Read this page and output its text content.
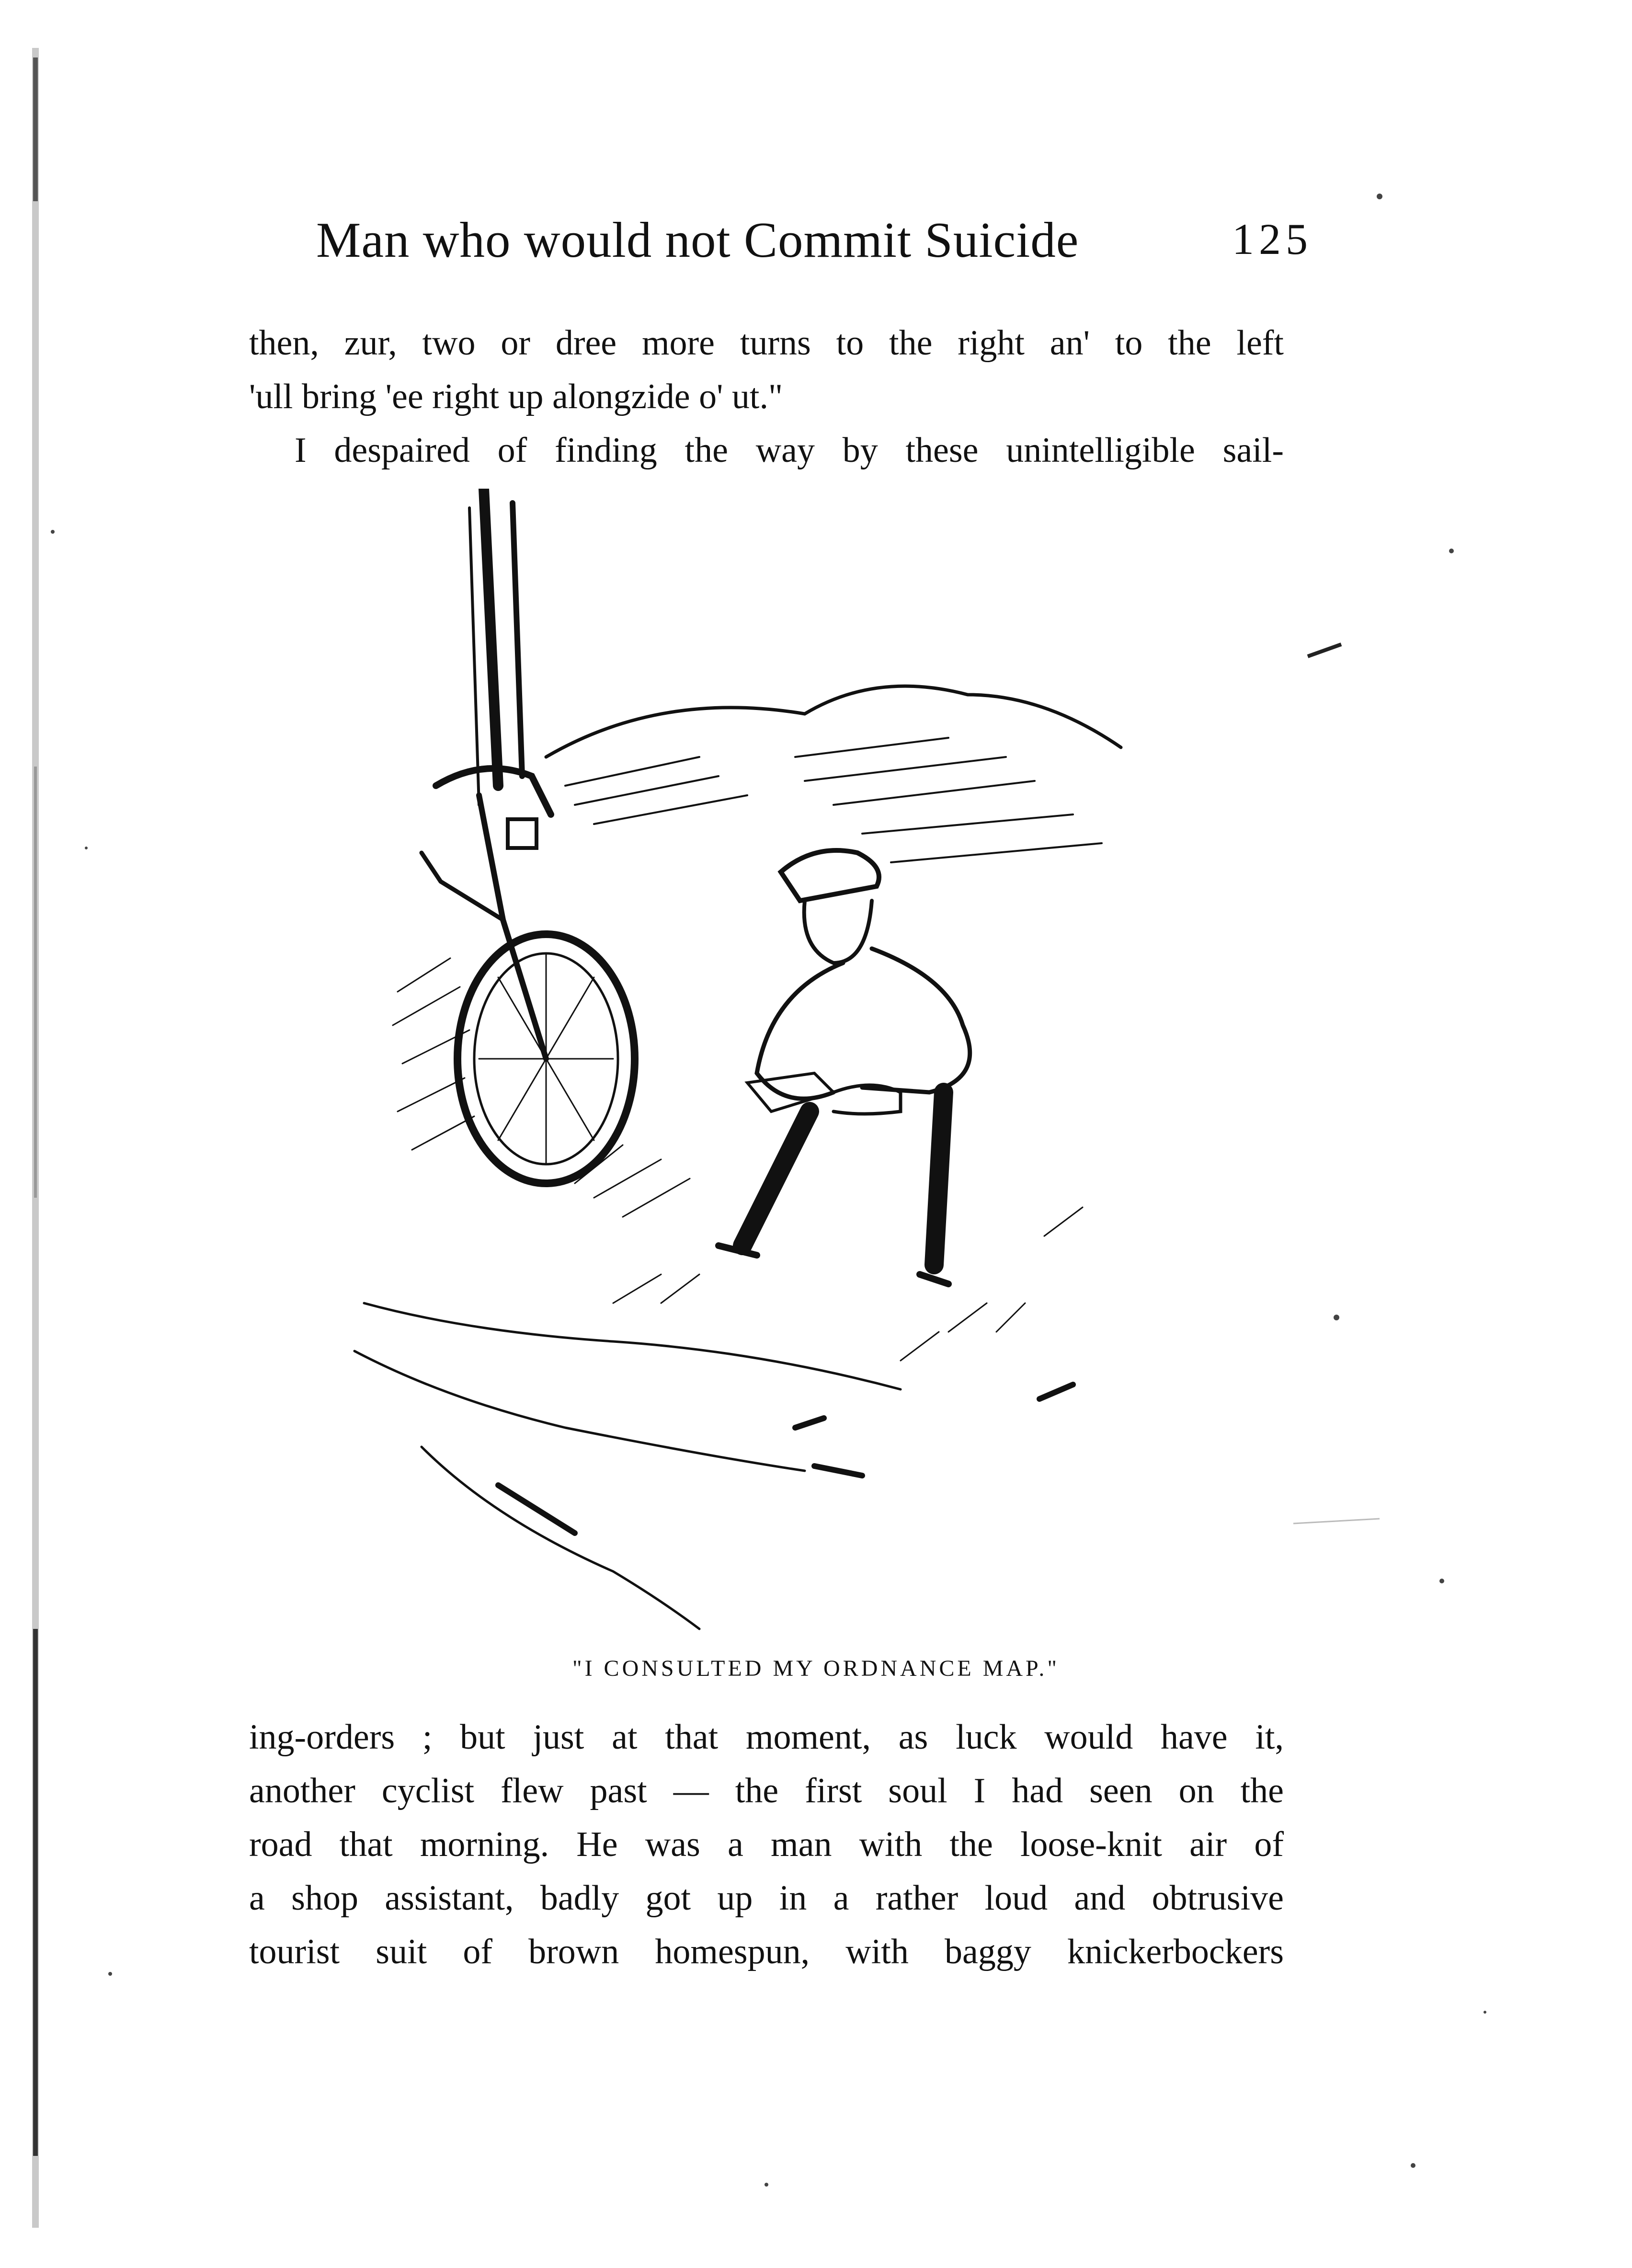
Man who would not Commit Suicide	125
then, zur, two or dree more turns to the right an' to the left
'ull bring 'ee right up alongzide o' ut."
I despaired of finding the way by these unintelligible sail-
"I CONSULTED MY ORDNANCE MAP."
ing-orders ; but just at that moment, as luck would have it,
another cyclist flew past — the first soul I had seen on the
road that morning. He was a man with the loose-knit air of
a shop assistant, badly got up in a rather loud and obtrusive
tourist suit of brown homespun, with baggy knickerbockers
